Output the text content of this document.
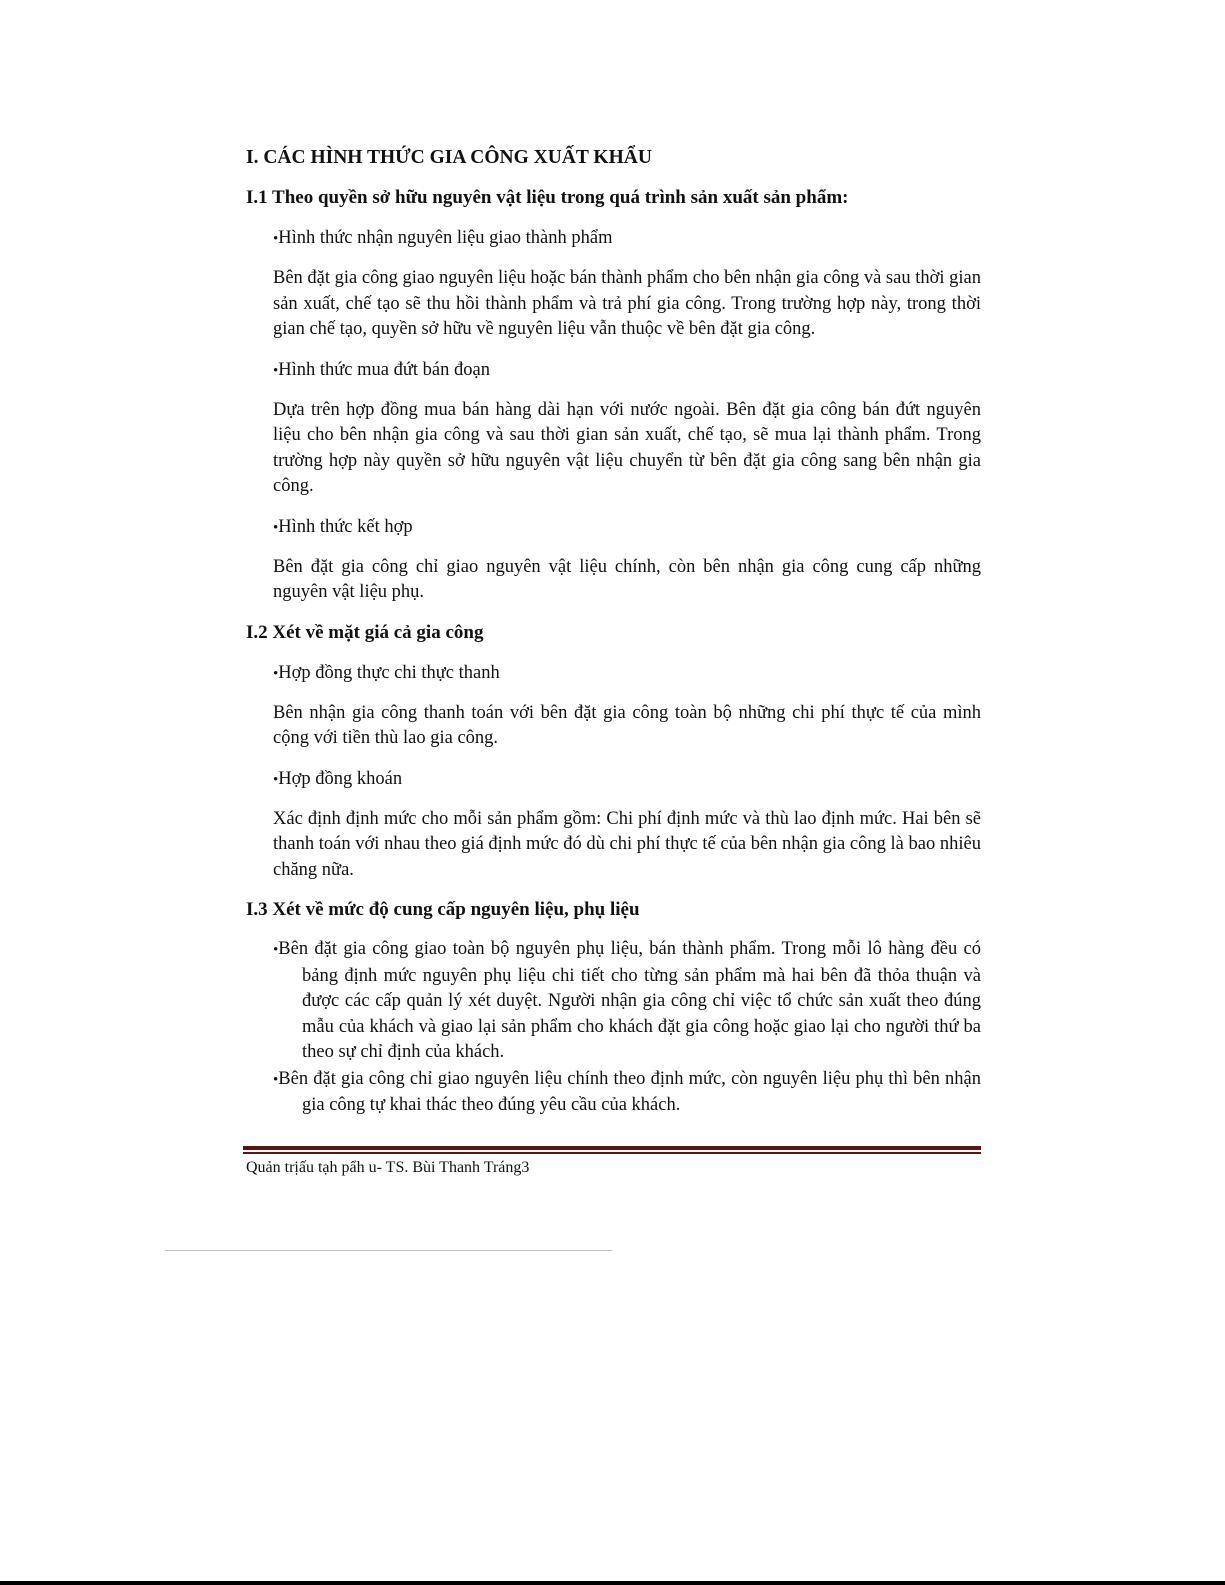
I. CÁC HÌNH THỨC GIA CÔNG XUẤT KHẨU
I.1 Theo quyền sở hữu nguyên vật liệu trong quá trình sản xuất sản phẩm:
•Hình thức nhận nguyên liệu giao thành phẩm
Bên đặt gia công giao nguyên liệu hoặc bán thành phẩm cho bên nhận gia công và sau thời gian sản xuất, chế tạo sẽ thu hồi thành phẩm và trả phí gia công. Trong trường hợp này, trong thời gian chế tạo, quyền sở hữu về nguyên liệu vẫn thuộc về bên đặt gia công.
•Hình thức mua đứt bán đoạn
Dựa trên hợp đồng mua bán hàng dài hạn với nước ngoài. Bên đặt gia công bán đứt nguyên liệu cho bên nhận gia công và sau thời gian sản xuất, chế tạo, sẽ mua lại thành phẩm. Trong trường hợp này quyền sở hữu nguyên vật liệu chuyển từ bên đặt gia công sang bên nhận gia công.
•Hình thức kết hợp
Bên đặt gia công chỉ giao nguyên vật liệu chính, còn bên nhận gia công cung cấp những nguyên vật liệu phụ.
I.2 Xét về mặt giá cả gia công
•Hợp đồng thực chi thực thanh
Bên nhận gia công thanh toán với bên đặt gia công toàn bộ những chi phí thực tế của mình cộng với tiền thù lao gia công.
•Hợp đồng khoán
Xác định định mức cho mỗi sản phẩm gồm: Chi phí định mức và thù lao định mức. Hai bên sẽ thanh toán với nhau theo giá định mức đó dù chi phí thực tế của bên nhận gia công là bao nhiêu chăng nữa.
I.3 Xét về mức độ cung cấp nguyên liệu, phụ liệu
•Bên đặt gia công giao toàn bộ nguyên phụ liệu, bán thành phẩm. Trong mỗi lô hàng đều có bảng định mức nguyên phụ liệu chi tiết cho từng sản phẩm mà hai bên đã thỏa thuận và được các cấp quản lý xét duyệt. Người nhận gia công chỉ việc tổ chức sản xuất theo đúng mẫu của khách và giao lại sản phẩm cho khách đặt gia công hoặc giao lại cho người thứ ba theo sự chỉ định của khách.
•Bên đặt gia công chỉ giao nguyên liệu chính theo định mức, còn nguyên liệu phụ thì bên nhận gia công tự khai thác theo đúng yêu cầu của khách.
Quản trịấu tạh pẩh u- TS. Bùi Thanh Tráng3
